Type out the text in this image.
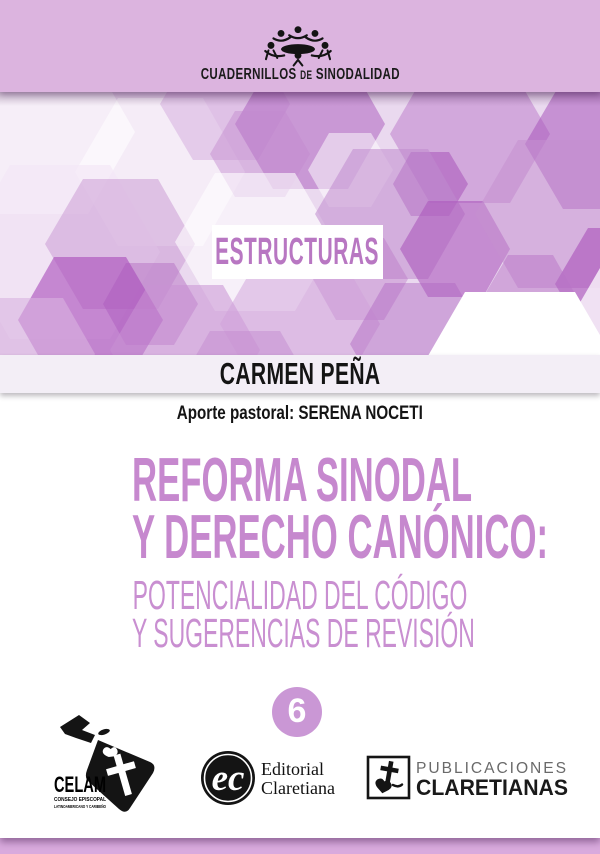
CUADERNILLOS DE SINODALIDAD
ESTRUCTURAS
CARMEN PEÑA
Aporte pastoral: SERENA NOCETI
REFORMA SINODAL
Y DERECHO CANÓNICO:
POTENCIALIDAD DEL CÓDIGO
Y SUGERENCIAS DE REVISIÓN
6
CELAM
CONSEJO EPISCOPAL
LATINOAMERICANO Y CARIBEÑO
ec Editorial
Claretiana
PUBLICACIONES
CLARETIANAS
